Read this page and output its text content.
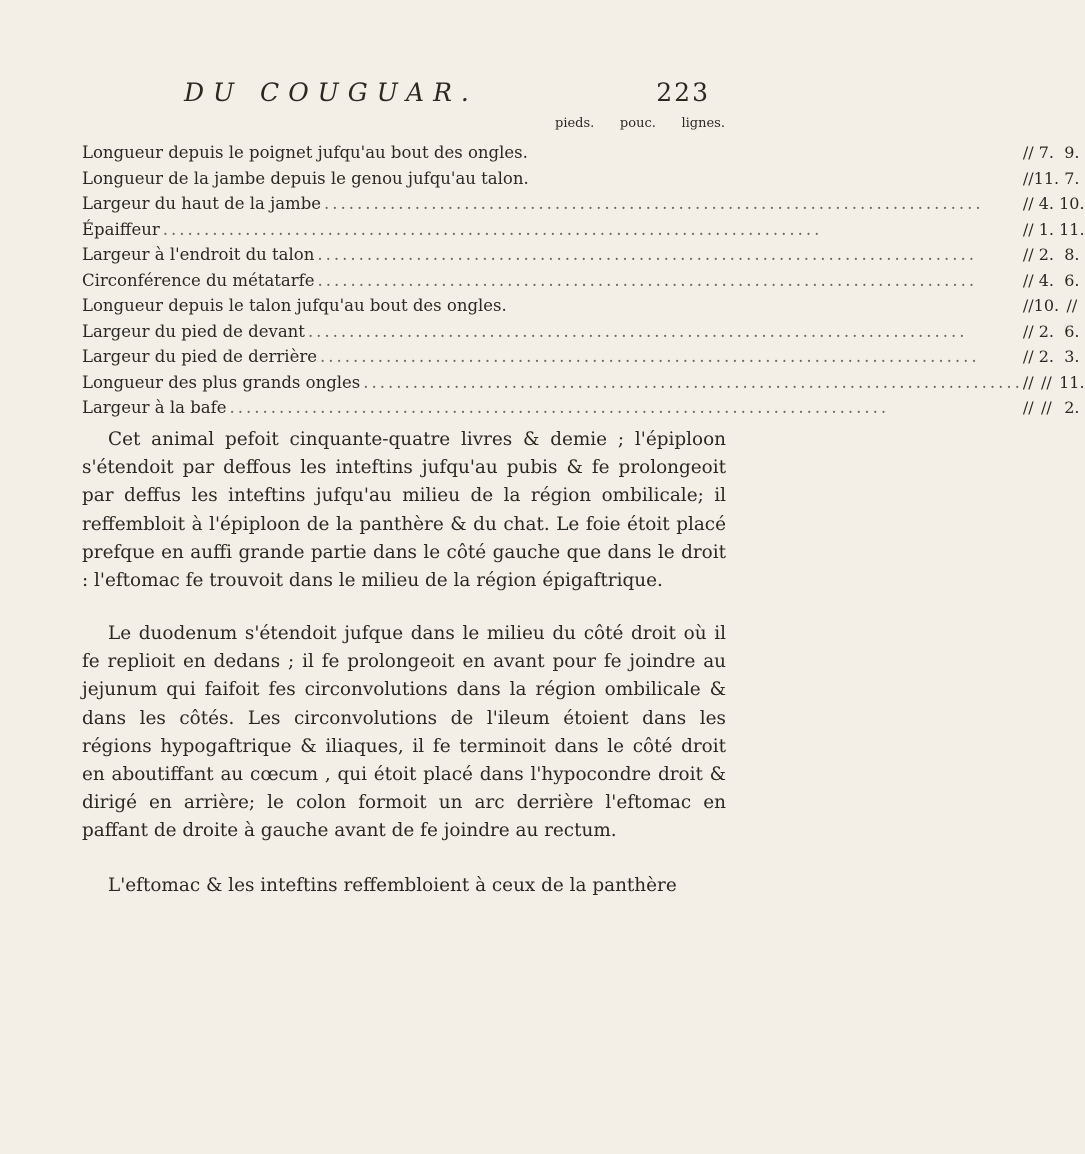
DU COUGUAR.	223
pieds. pouc. lignes.
Longueur depuis le poignet jufqu'au bout des ongles.	//	7.	9.
Longueur de la jambe depuis le genou jufqu'au talon.	//	11.	7.
Largeur du haut de la jambe ................................................................................	//	4.	10.
Épaiffeur ................................................................................	//	1.	11.
Largeur à l'endroit du talon ................................................................................	//	2.	8.
Circonférence du métatarfe ................................................................................	//	4.	6.
Longueur depuis le talon jufqu'au bout des ongles.	//	10.	//
Largeur du pied de devant ................................................................................	//	2.	6.
Largeur du pied de derrière ................................................................................	//	2.	3.
Longueur des plus grands ongles ................................................................................	//	//	11.
Largeur à la bafe ................................................................................	//	//	2.

Cet animal pefoit cinquante-quatre livres & demie ; l'épiploon s'étendoit par deffous les inteftins jufqu'au pubis & fe prolongeoit par deffus les inteftins jufqu'au milieu de la région ombilicale; il reffembloit à l'épiploon de la panthère & du chat. Le foie étoit placé prefque en auffi grande partie dans le côté gauche que dans le droit : l'eftomac fe trouvoit dans le milieu de la région épigaftrique.

Le duodenum s'étendoit jufque dans le milieu du côté droit où il fe replioit en dedans ; il fe prolongeoit en avant pour fe joindre au jejunum qui faifoit fes circonvolutions dans la région ombilicale & dans les côtés. Les circonvolutions de l'ileum étoient dans les régions hypogaftrique & iliaques, il fe terminoit dans le côté droit en aboutiffant au cœcum , qui étoit placé dans l'hypocondre droit & dirigé en arrière; le colon formoit un arc derrière l'eftomac en paffant de droite à gauche avant de fe joindre au rectum.

L'eftomac & les inteftins reffembloient à ceux de la panthère
